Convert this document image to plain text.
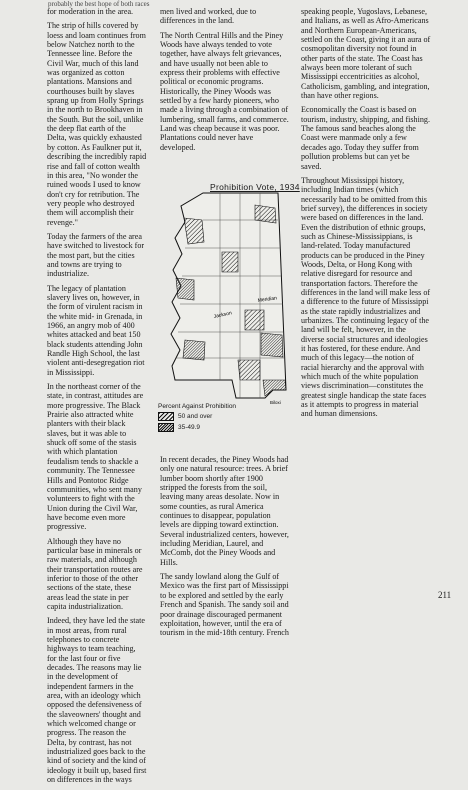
probably the best hope of both races

for moderation in the area.

The strip of hills covered by loess and loam continues from below Natchez north to the Tennessee line. Before the Civil War, much of this land was organized as cotton plantations. Mansions and courthouses built by slaves sprang up from Holly Springs in the north to Brookhaven in the South. But the soil, unlike the deep flat earth of the Delta, was quickly exhausted by cotton. As Faulkner put it, describing the incredibly rapid rise and fall of cotton wealth in this area, "No wonder the ruined woods I used to know don't cry for retribution. The very people who destroyed them will accomplish their revenge."

Today the farmers of the area have switched to livestock for the most part, but the cities and towns are trying to industrialize.

The legacy of plantation slavery lives on, however, in the form of virulent racism in the white mid- in Grenada, in 1966, an angry mob of 400 whites attacked and beat 150 black students attending John Randle High School, the last violent anti-desegregation riot in Mississippi.

In the northeast corner of the state, in contrast, attitudes are more progressive. The Black Prairie also attracted white planters with their black slaves, but it was able to shuck off some of the stasis with which plantation feudalism tends to shackle a community. The Tennessee Hills and Pontotoc Ridge communities, who sent many volunteers to fight with the Union during the Civil War, have become even more progressive.

Although they have no particular base in minerals or raw materials, and although their transportation routes are inferior to those of the other sections of the state, these areas lead the state in per capita industrialization.

Indeed, they have led the state in most areas, from rural telephones to concrete highways to team teaching, for the last four or five decades. The reasons may lie in the development of independent farmers in the area, with an ideology which opposed the defensiveness of the slaveowners' thought and which welcomed change or progress. The reason the Delta, by contrast, has not industrialized goes back to the kind of society and the kind of ideology it built up, based first on differences in the ways

men lived and worked, due to differences in the land.

The North Central Hills and the Piney Woods have always tended to vote together, have always felt grievances, and have usually not been able to express their problems with effective political or economic programs. Historically, the Piney Woods was settled by a few hardy pioneers, who made a living through a combination of lumbering, small farms, and commerce. Land was cheap because it was poor. Plantations could never have developed.

In recent decades, the Piney Woods had only one natural resource: trees. A brief lumber boom shortly after 1900 stripped the forests from the soil, leaving many areas desolate. Now in some counties, as rural America continues to disappear, population levels are dipping toward extinction. Several industrialized centers, however, including Meridian, Laurel, and McComb, dot the Piney Woods and Hills.

The sandy lowland along the Gulf of Mexico was the first part of Mississippi to be explored and settled by the early French and Spanish. The sandy soil and poor drainage discouraged permanent exploitation, however, until the era of tourism in the mid-18th century. French

Prohibition Vote, 1934
Meridian
Jackson
Biloxi
Percent Against Prohibition
50 and over
35-49.9

speaking people, Yugoslavs, Lebanese, and Italians, as well as Afro-Americans and Northern European-Americans, settled on the Coast, giving it an aura of cosmopolitan diversity not found in other parts of the state. The Coast has always been more tolerant of such Mississippi eccentricities as alcohol, Catholicism, gambling, and integration, than have other regions.

Economically the Coast is based on tourism, industry, shipping, and fishing. The famous sand beaches along the Coast were manmade only a few decades ago. Today they suffer from pollution problems but can yet be saved.

Throughout Mississippi history, including Indian times (which necessarily had to be omitted from this brief survey), the differences in society were based on differences in the land. Even the distribution of ethnic groups, such as Chinese-Mississippians, is land-related. Today manufactured products can be produced in the Piney Woods, Delta, or Hong Kong with relative disregard for resource and transportation factors. Therefore the differences in the land will make less of a difference to the future of Mississippi as the state rapidly industrializes and urbanizes. The continuing legacy of the land will be felt, however, in the diverse social structures and ideologies it has fostered, for these endure. And much of this legacy—the notion of racial hierarchy and the approval with which much of the white population views discrimination—constitutes the greatest single handicap the state faces as it attempts to progress in material and human dimensions.

211
